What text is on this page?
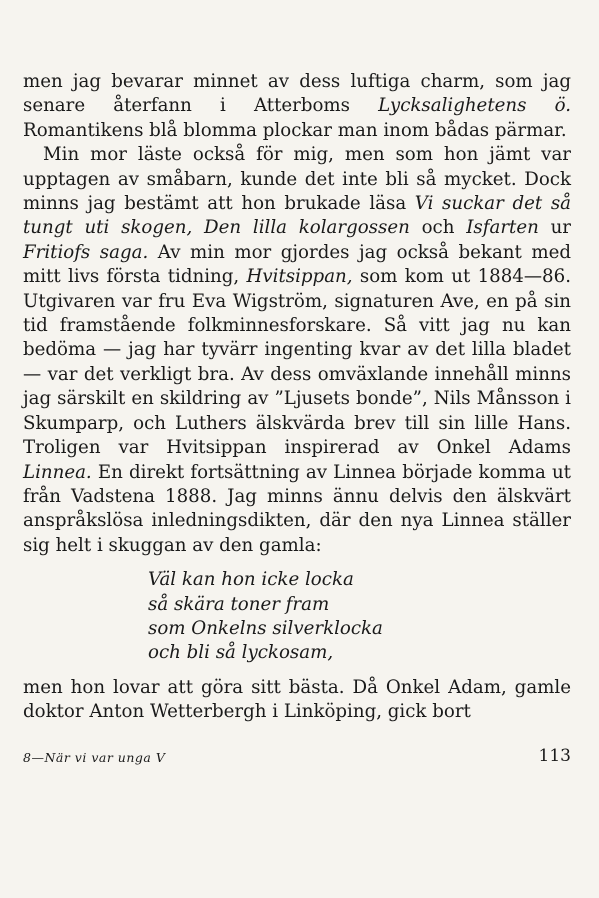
men jag bevarar minnet av dess luftiga charm, som jag senare återfann i Atterboms Lycksalighetens ö. Romantikens blå blomma plockar man inom bådas pärmar.

Min mor läste också för mig, men som hon jämt var upptagen av småbarn, kunde det inte bli så mycket. Dock minns jag bestämt att hon brukade läsa Vi suckar det så tungt uti skogen, Den lilla kolargossen och Isfarten ur Fritiofs saga. Av min mor gjordes jag också bekant med mitt livs första tidning, Hvitsippan, som kom ut 1884—86. Utgivaren var fru Eva Wigström, signaturen Ave, en på sin tid framstående folkminnesforskare. Så vitt jag nu kan bedöma — jag har tyvärr ingenting kvar av det lilla bladet — var det verkligt bra. Av dess omväxlande innehåll minns jag särskilt en skildring av ”Ljusets bonde”, Nils Månsson i Skumparp, och Luthers älskvärda brev till sin lille Hans. Troligen var Hvitsippan inspirerad av Onkel Adams Linnea. En direkt fortsättning av Linnea började komma ut från Vadstena 1888. Jag minns ännu delvis den älskvärt anspråkslösa inledningsdikten, där den nya Linnea ställer sig helt i skuggan av den gamla:

Väl kan hon icke locka
så skära toner fram
som Onkelns silverklocka
och bli så lyckosam,

men hon lovar att göra sitt bästa. Då Onkel Adam, gamle doktor Anton Wetterbergh i Linköping, gick bort

8—När vi var unga V	113
